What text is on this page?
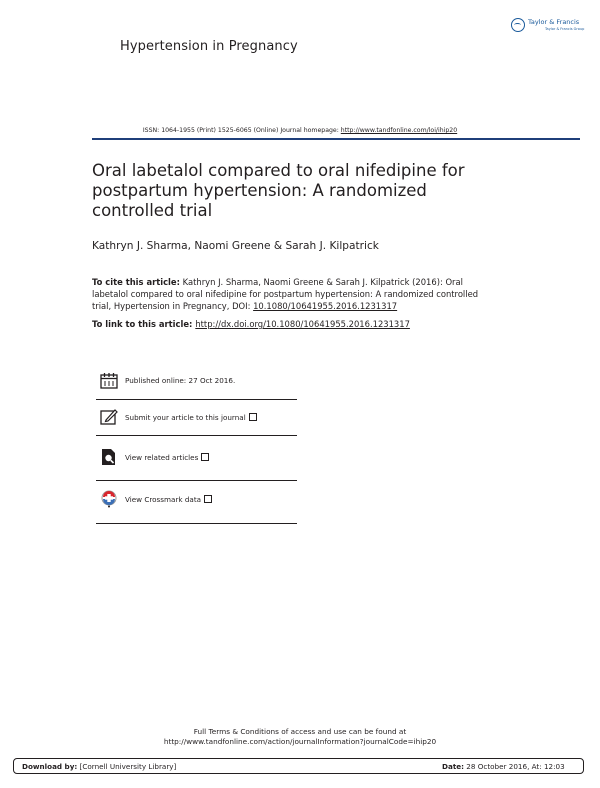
Hypertension in Pregnancy
Taylor & Francis
Taylor & Francis Group
ISSN: 1064-1955 (Print) 1525-6065 (Online) Journal homepage: http://www.tandfonline.com/loi/ihip20
Oral labetalol compared to oral nifedipine for postpartum hypertension: A randomized controlled trial
Kathryn J. Sharma, Naomi Greene & Sarah J. Kilpatrick
To cite this article: Kathryn J. Sharma, Naomi Greene & Sarah J. Kilpatrick (2016): Oral labetalol compared to oral nifedipine for postpartum hypertension: A randomized controlled trial, Hypertension in Pregnancy, DOI: 10.1080/10641955.2016.1231317
To link to this article: http://dx.doi.org/10.1080/10641955.2016.1231317
Published online: 27 Oct 2016.
Submit your article to this journal
View related articles
View Crossmark data
Full Terms & Conditions of access and use can be found at
http://www.tandfonline.com/action/journalInformation?journalCode=ihip20
Download by: [Cornell University Library]	Date: 28 October 2016, At: 12:03
